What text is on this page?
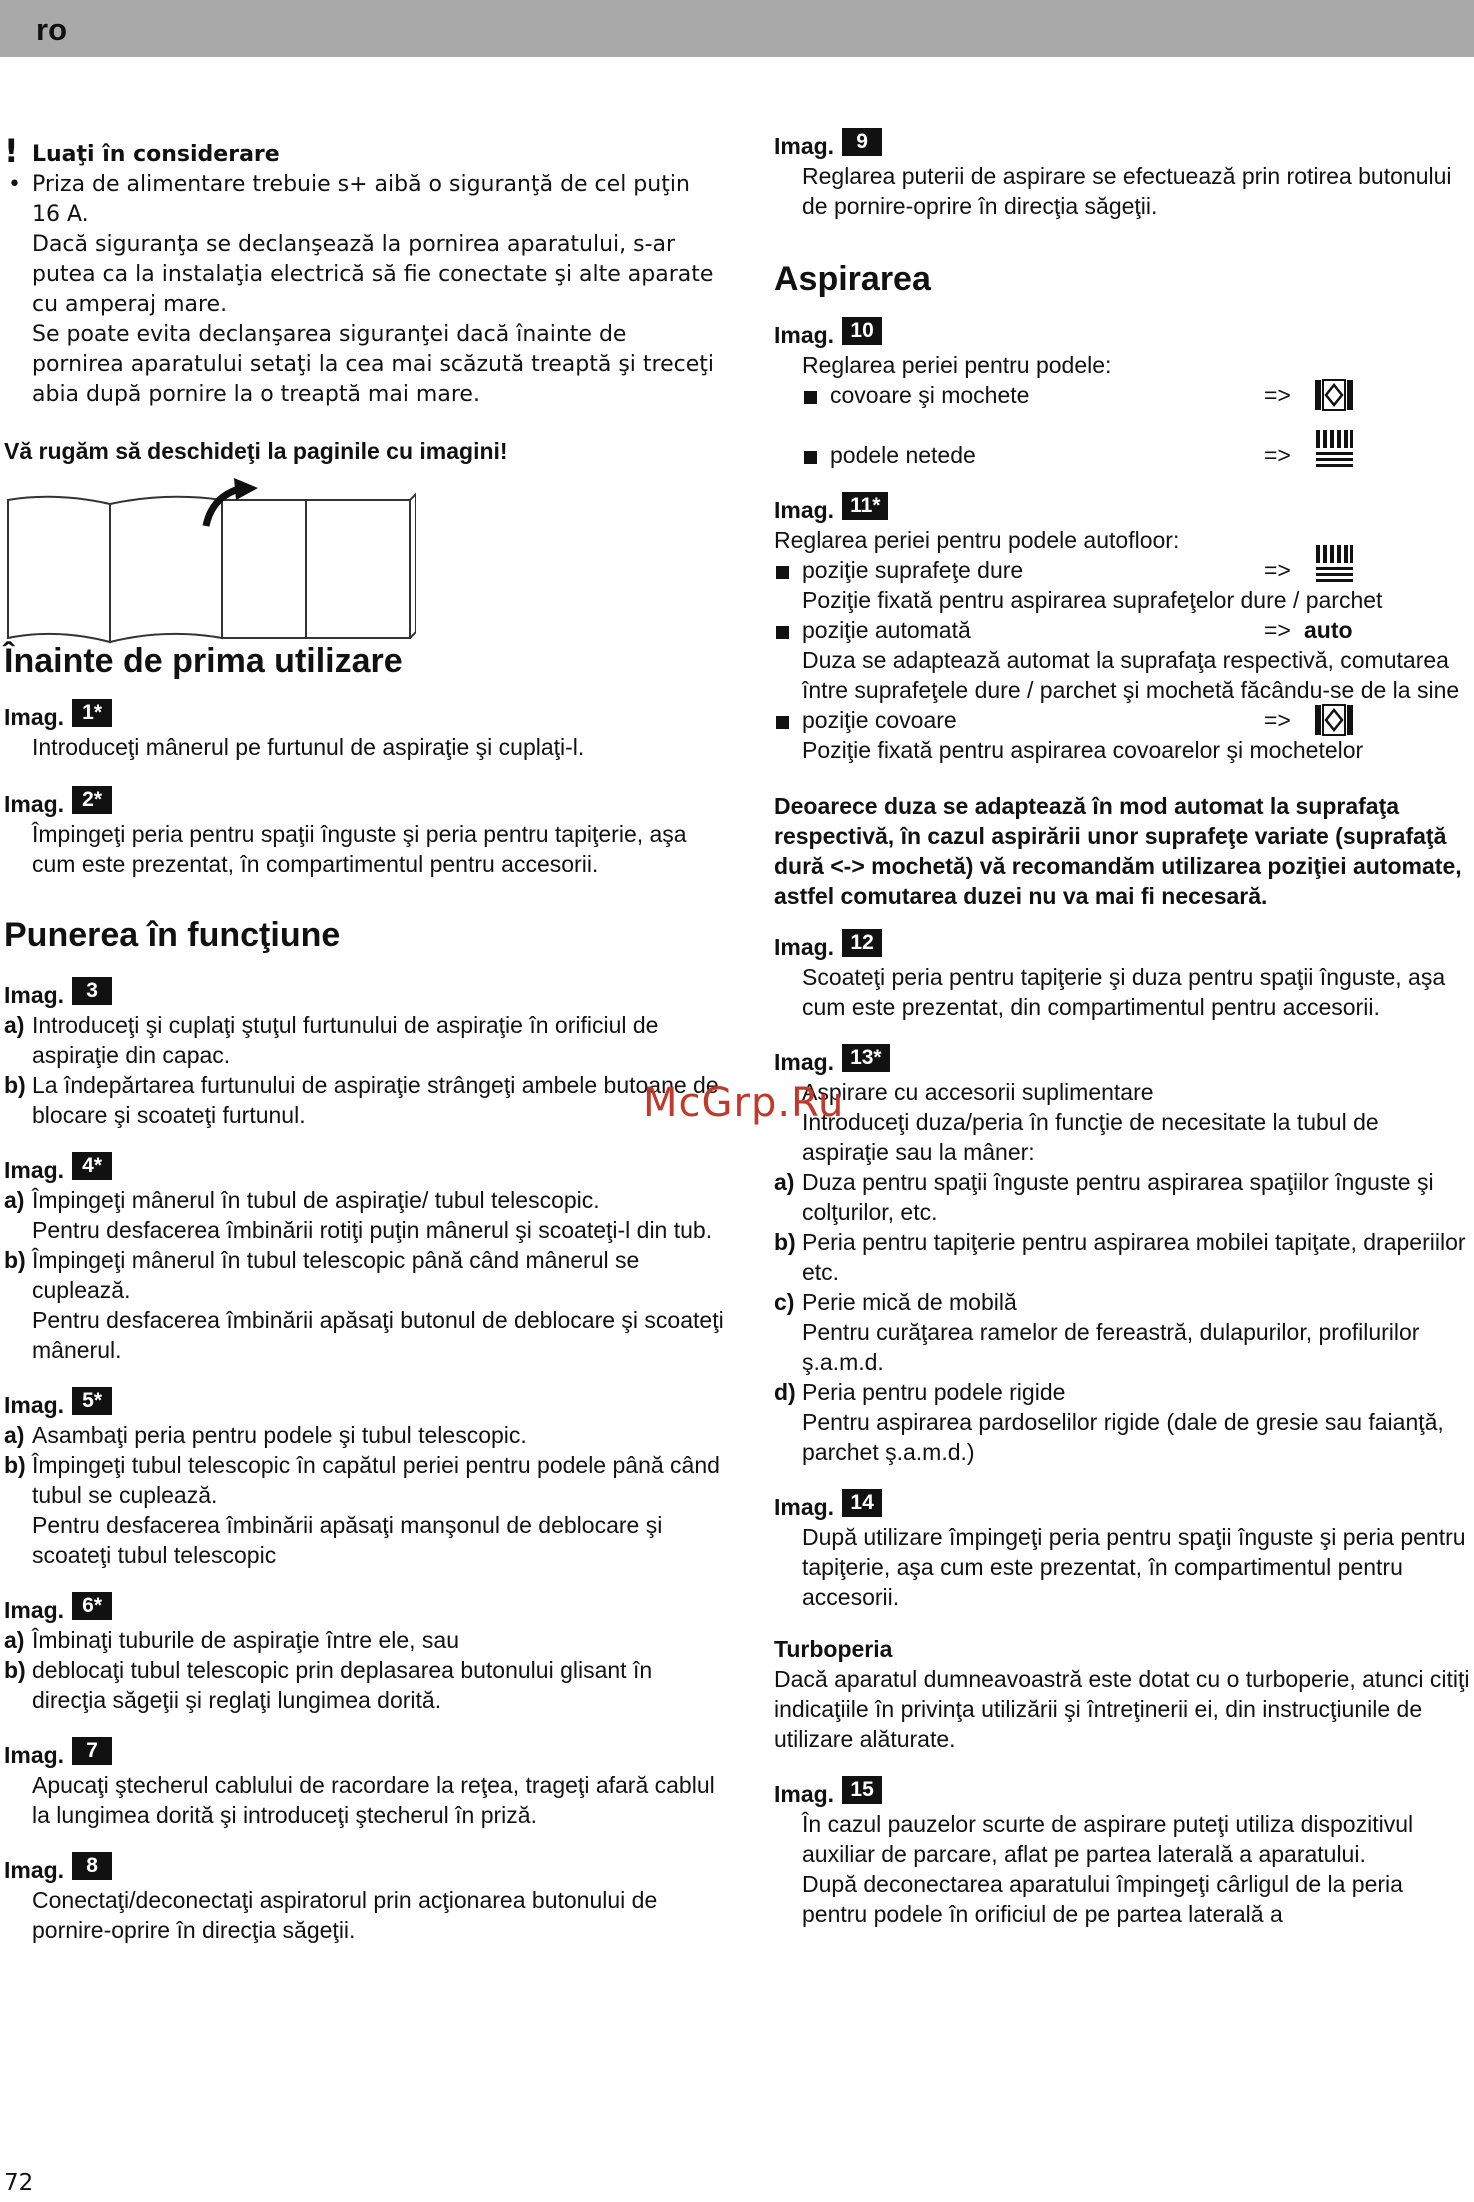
ro
! Luaţi în considerare
• Priza de alimentare trebuie s+ aibă o siguranţă de cel puţin 16 A.
Dacă siguranţa se declanşează la pornirea aparatului, s-ar putea ca la instalaţia electrică să fie conectate şi alte aparate cu amperaj mare.
Se poate evita declanşarea siguranţei dacă înainte de pornirea aparatului setaţi la cea mai scăzută treaptă şi treceţi abia după pornire la o treaptă mai mare.
Vă rugăm să deschideţi la paginile cu imagini!
Înainte de prima utilizare
Imag. 1*
Introduceţi mânerul pe furtunul de aspiraţie şi cuplaţi-l.
Imag. 2*
Împingeţi peria pentru spaţii înguste şi peria pentru tapiţerie, aşa cum este prezentat, în compartimentul pentru accesorii.
Punerea în funcţiune
Imag. 3
a) Introduceţi şi cuplaţi ştuţul furtunului de aspiraţie în orificiul de aspiraţie din capac.
b) La îndepărtarea furtunului de aspiraţie strângeţi ambele butoane de blocare şi scoateţi furtunul.
Imag. 4*
a) Împingeţi mânerul în tubul de aspiraţie/ tubul telescopic.
Pentru desfacerea îmbinării rotiţi puţin mânerul şi scoateţi-l din tub.
b) Împingeţi mânerul în tubul telescopic până când mânerul se cuplează.
Pentru desfacerea îmbinării apăsaţi butonul de deblocare şi scoateţi mânerul.
Imag. 5*
a) Asambaţi peria pentru podele şi tubul telescopic.
b) Împingeţi tubul telescopic în capătul periei pentru podele până când tubul se cuplează.
Pentru desfacerea îmbinării apăsaţi manşonul de deblocare şi scoateţi tubul telescopic
Imag. 6*
a) Îmbinaţi tuburile de aspiraţie între ele, sau
b) deblocaţi tubul telescopic prin deplasarea butonului glisant în direcţia săgeţii şi reglaţi lungimea dorită.
Imag. 7
Apucaţi ştecherul cablului de racordare la reţea, trageţi afară cablul la lungimea dorită şi introduceţi ştecherul în priză.
Imag. 8
Conectaţi/deconectaţi aspiratorul prin acţionarea butonului de pornire-oprire în direcţia săgeţii.
Imag. 9
Reglarea puterii de aspirare se efectuează prin rotirea butonului de pornire-oprire în direcţia săgeţii.
Aspirarea
Imag. 10
Reglarea periei pentru podele:
covoare şi mochete	=>
podele netede	=>
Imag. 11*
Reglarea periei pentru podele autofloor:
poziţie suprafeţe dure	=>
Poziţie fixată pentru aspirarea suprafeţelor dure / parchet
poziţie automată	=> auto
Duza se adaptează automat la suprafaţa respectivă, comutarea între suprafeţele dure / parchet şi mochetă făcându-se de la sine
poziţie covoare	=>
Poziţie fixată pentru aspirarea covoarelor şi mochetelor
Deoarece duza se adaptează în mod automat la suprafaţa respectivă, în cazul aspirării unor suprafeţe variate (suprafaţă dură <-> mochetă) vă recomandăm utilizarea poziţiei automate, astfel comutarea duzei nu va mai fi necesară.
Imag. 12
Scoateţi peria pentru tapiţerie şi duza pentru spaţii înguste, aşa cum este prezentat, din compartimentul pentru accesorii.
Imag. 13*
Aspirare cu accesorii suplimentare
Introduceţi duza/peria în funcţie de necesitate la tubul de aspiraţie sau la mâner:
a) Duza pentru spaţii înguste pentru aspirarea spaţiilor înguste şi colţurilor, etc.
b) Peria pentru tapiţerie pentru aspirarea mobilei tapiţate, draperiilor etc.
c) Perie mică de mobilă
Pentru curăţarea ramelor de fereastră, dulapurilor, profilurilor ş.a.m.d.
d) Peria pentru podele rigide
Pentru aspirarea pardoselilor rigide (dale de gresie sau faianţă, parchet ş.a.m.d.)
Imag. 14
După utilizare împingeţi peria pentru spaţii înguste şi peria pentru tapiţerie, aşa cum este prezentat, în compartimentul pentru accesorii.
Turboperia
Dacă aparatul dumneavoastră este dotat cu o turboperie, atunci citiţi indicaţiile în privinţa utilizării şi întreţinerii ei, din instrucţiunile de utilizare alăturate.
Imag. 15
În cazul pauzelor scurte de aspirare puteţi utiliza dispozitivul auxiliar de parcare, aflat pe partea laterală a aparatului.
După deconectarea aparatului împingeţi cârligul de la peria pentru podele în orificiul de pe partea laterală a
McGrp.Ru
72
